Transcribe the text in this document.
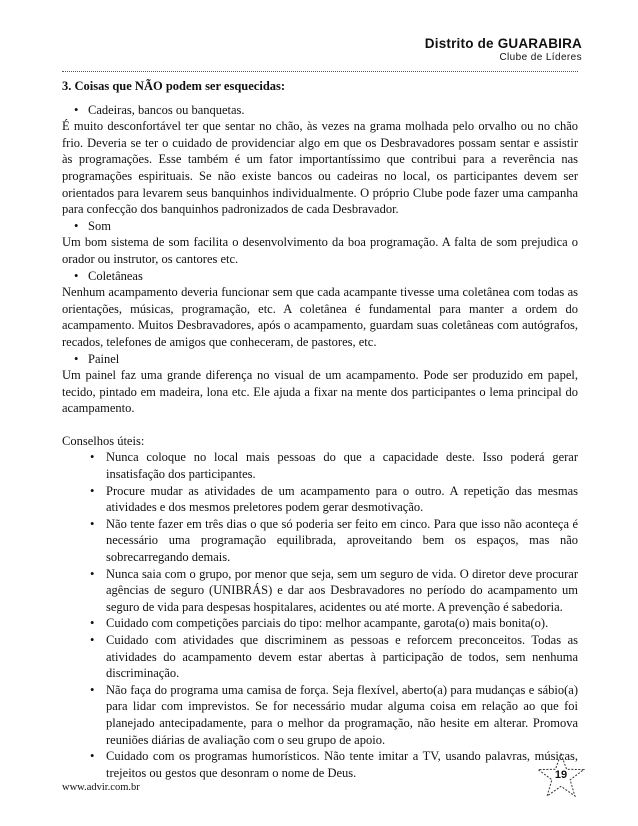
Distrito de GUARABIRA
Clube de Líderes
3. Coisas que NÃO podem ser esquecidas:
• Cadeiras, bancos ou banquetas.
É muito desconfortável ter que sentar no chão, às vezes na grama molhada pelo orvalho ou no chão frio. Deveria se ter o cuidado de providenciar algo em que os Desbravadores possam sentar e assistir às programações. Esse também é um fator importantíssimo que contribui para a reverência nas programações espirituais. Se não existe bancos ou cadeiras no local, os participantes devem ser orientados para levarem seus banquinhos individualmente. O próprio Clube pode fazer uma campanha para confecção dos banquinhos padronizados de cada Desbravador.
• Som
Um bom sistema de som facilita o desenvolvimento da boa programação. A falta de som prejudica o orador ou instrutor, os cantores etc.
• Coletâneas
Nenhum acampamento deveria funcionar sem que cada acampante tivesse uma coletânea com todas as orientações, músicas, programação, etc. A coletânea é fundamental para manter a ordem do acampamento. Muitos Desbravadores, após o acampamento, guardam suas coletâneas com autógrafos, recados, telefones de amigos que conheceram, de pastores, etc.
• Painel
Um painel faz uma grande diferença no visual de um acampamento. Pode ser produzido em papel, tecido, pintado em madeira, lona etc. Ele ajuda a fixar na mente dos participantes o lema principal do acampamento.
Conselhos úteis:
• Nunca coloque no local mais pessoas do que a capacidade deste. Isso poderá gerar insatisfação dos participantes.
• Procure mudar as atividades de um acampamento para o outro. A repetição das mesmas atividades e dos mesmos preletores podem gerar desmotivação.
• Não tente fazer em três dias o que só poderia ser feito em cinco. Para que isso não aconteça é necessário uma programação equilibrada, aproveitando bem os espaços, mas não sobrecarregando demais.
• Nunca saia com o grupo, por menor que seja, sem um seguro de vida. O diretor deve procurar agências de seguro (UNIBRÁS) e dar aos Desbravadores no período do acampamento um seguro de vida para despesas hospitalares, acidentes ou até morte. A prevenção é sabedoria.
• Cuidado com competições parciais do tipo: melhor acampante, garota(o) mais bonita(o).
• Cuidado com atividades que discriminem as pessoas e reforcem preconceitos. Todas as atividades do acampamento devem estar abertas à participação de todos, sem nenhuma discriminação.
• Não faça do programa uma camisa de força. Seja flexível, aberto(a) para mudanças e sábio(a) para lidar com imprevistos. Se for necessário mudar alguma coisa em relação ao que foi planejado antecipadamente, para o melhor da programação, não hesite em alterar. Promova reuniões diárias de avaliação com o seu grupo de apoio.
• Cuidado com os programas humorísticos. Não tente imitar a TV, usando palavras, músicas, trejeitos ou gestos que desonram o nome de Deus.
www.advir.com.br
19
